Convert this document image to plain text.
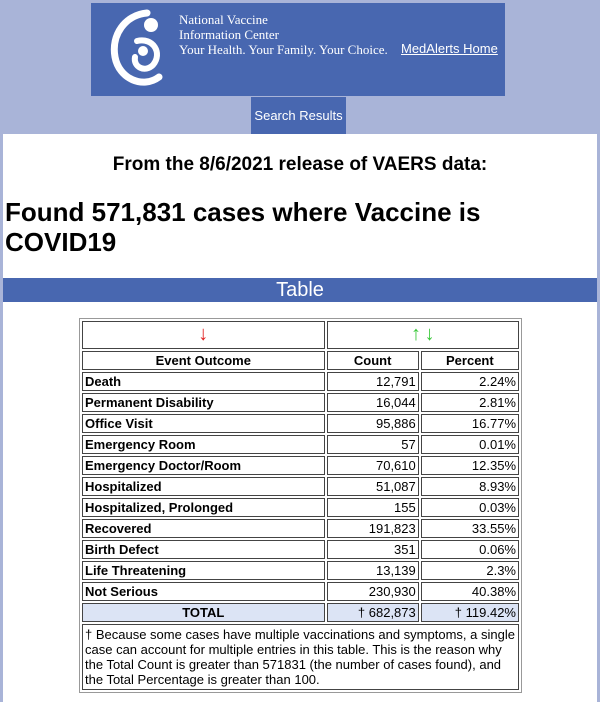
National Vaccine
Information Center
Your Health. Your Family. Your Choice. MedAlerts Home
Search Results
From the 8/6/2021 release of VAERS data:
Found 571,831 cases where Vaccine is COVID19
Table
↓	↑ ↓	
Event Outcome	Count	Percent
Death	12,791	2.24%
Permanent Disability	16,044	2.81%
Office Visit	95,886	16.77%
Emergency Room	57	0.01%
Emergency Doctor/Room	70,610	12.35%
Hospitalized	51,087	8.93%
Hospitalized, Prolonged	155	0.03%
Recovered	191,823	33.55%
Birth Defect	351	0.06%
Life Threatening	13,139	2.3%
Not Serious	230,930	40.38%
TOTAL	† 682,873	† 119.42%
† Because some cases have multiple vaccinations and symptoms, a single case can account for multiple entries in this table. This is the reason why the Total Count is greater than 571831 (the number of cases found), and the Total Percentage is greater than 100.		
